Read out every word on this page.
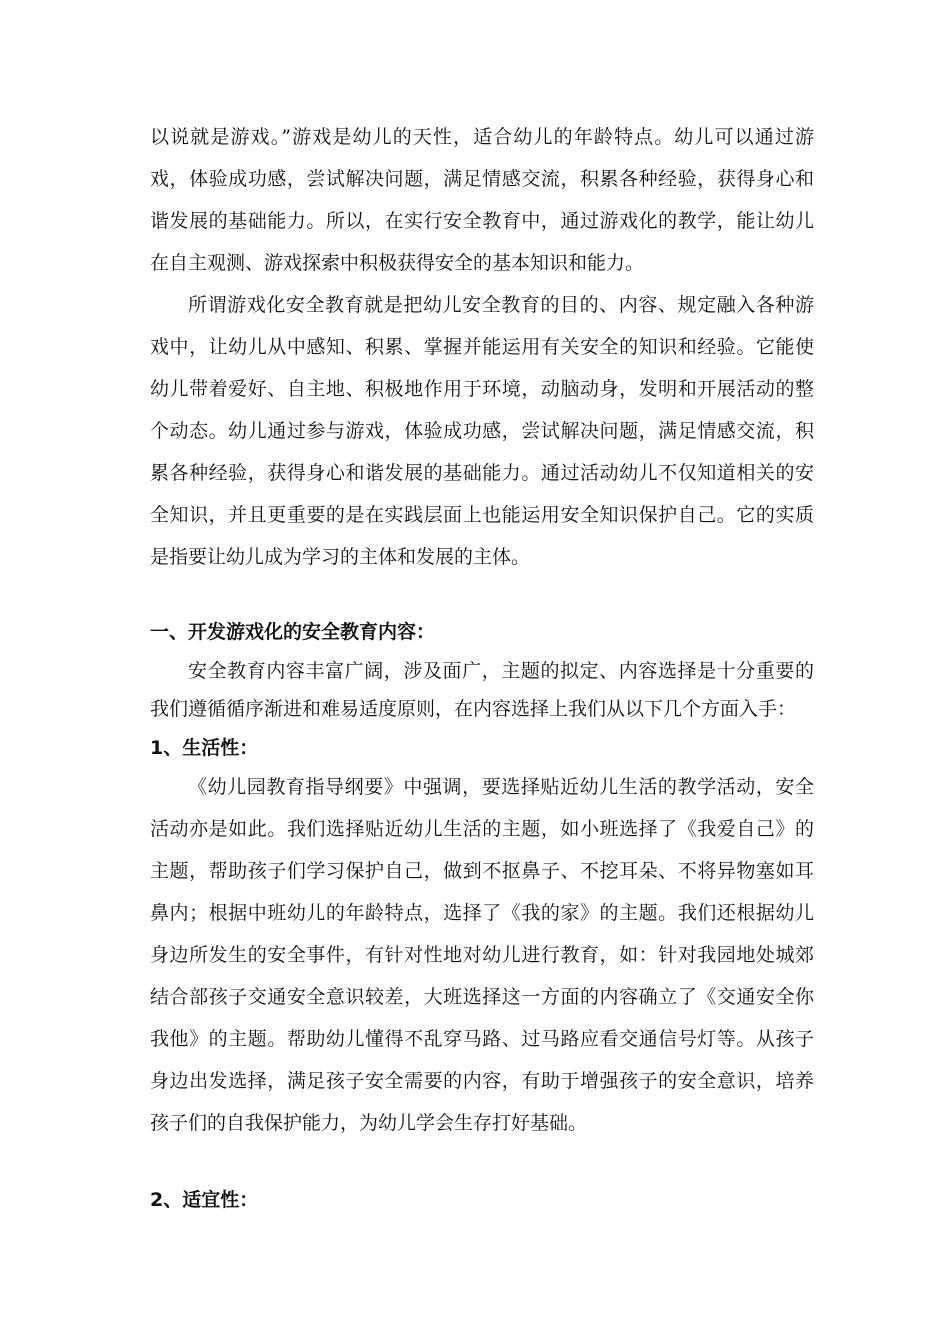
以说就是游戏。”游戏是幼儿的天性，适合幼儿的年龄特点。幼儿可以通过游
戏，体验成功感，尝试解决问题，满足情感交流，积累各种经验，获得身心和
谐发展的基础能力。所以，在实行安全教育中，通过游戏化的教学，能让幼儿
在自主观测、游戏探索中积极获得安全的基本知识和能力。
所谓游戏化安全教育就是把幼儿安全教育的目的、内容、规定融入各种游
戏中，让幼儿从中感知、积累、掌握并能运用有关安全的知识和经验。它能使
幼儿带着爱好、自主地、积极地作用于环境，动脑动身，发明和开展活动的整
个动态。幼儿通过参与游戏，体验成功感，尝试解决问题，满足情感交流，积
累各种经验，获得身心和谐发展的基础能力。通过活动幼儿不仅知道相关的安
全知识，并且更重要的是在实践层面上也能运用安全知识保护自己。它的实质
是指要让幼儿成为学习的主体和发展的主体。
一、开发游戏化的安全教育内容：
安全教育内容丰富广阔，涉及面广，主题的拟定、内容选择是十分重要的
我们遵循循序渐进和难易适度原则，在内容选择上我们从以下几个方面入手：
1、生活性：
《幼儿园教育指导纲要》中强调，要选择贴近幼儿生活的教学活动，安全
活动亦是如此。我们选择贴近幼儿生活的主题，如小班选择了《我爱自己》的
主题，帮助孩子们学习保护自己，做到不抠鼻子、不挖耳朵、不将异物塞如耳
鼻内；根据中班幼儿的年龄特点，选择了《我的家》的主题。我们还根据幼儿
身边所发生的安全事件，有针对性地对幼儿进行教育，如：针对我园地处城郊
结合部孩子交通安全意识较差，大班选择这一方面的内容确立了《交通安全你
我他》的主题。帮助幼儿懂得不乱穿马路、过马路应看交通信号灯等。从孩子
身边出发选择，满足孩子安全需要的内容，有助于增强孩子的安全意识，培养
孩子们的自我保护能力，为幼儿学会生存打好基础。
2、适宜性：
